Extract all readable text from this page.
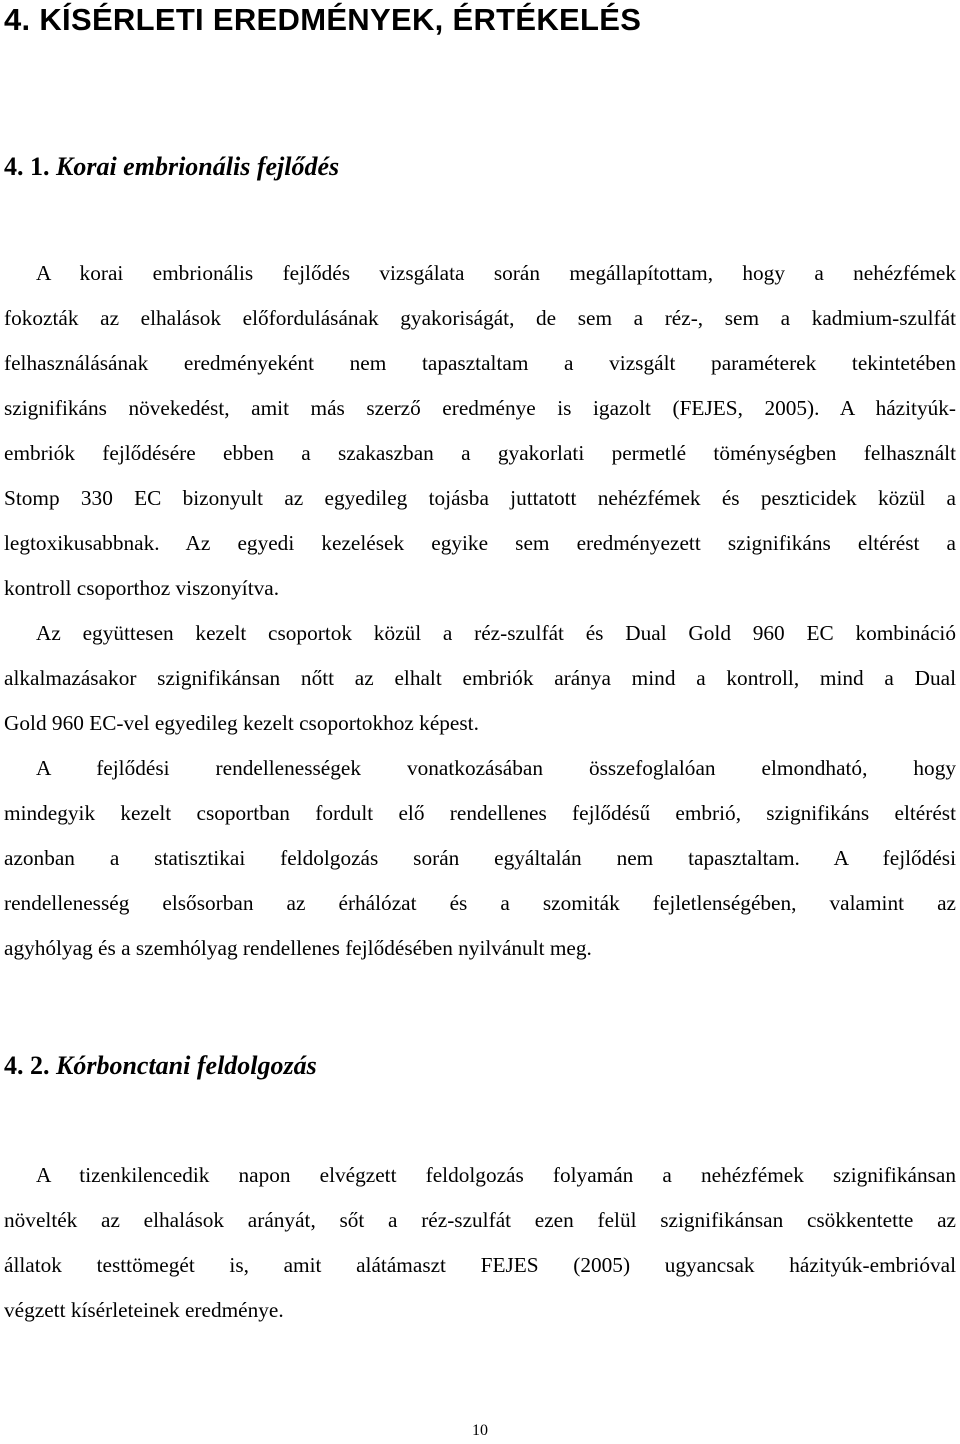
4. KÍSÉRLETI EREDMÉNYEK, ÉRTÉKELÉS
4. 1. Korai embrionális fejlődés

A korai embrionális fejlődés vizsgálata során megállapítottam, hogy a nehézfémek
fokozták az elhalások előfordulásának gyakoriságát, de sem a réz-, sem a kadmium-szulfát
felhasználásának eredményeként nem tapasztaltam a vizsgált paraméterek tekintetében
szignifikáns növekedést, amit más szerző eredménye is igazolt (FEJES, 2005). A házityúk-
embriók fejlődésére ebben a szakaszban a gyakorlati permetlé töménységben felhasznált
Stomp 330 EC bizonyult az egyedileg tojásba juttatott nehézfémek és peszticidek közül a
legtoxikusabbnak. Az egyedi kezelések egyike sem eredményezett szignifikáns eltérést a
kontroll csoporthoz viszonyítva.

Az együttesen kezelt csoportok közül a réz-szulfát és Dual Gold 960 EC kombináció
alkalmazásakor szignifikánsan nőtt az elhalt embriók aránya mind a kontroll, mind a Dual
Gold 960 EC-vel egyedileg kezelt csoportokhoz képest.

A fejlődési rendellenességek vonatkozásában összefoglalóan elmondható, hogy
mindegyik kezelt csoportban fordult elő rendellenes fejlődésű embrió, szignifikáns eltérést
azonban a statisztikai feldolgozás során egyáltalán nem tapasztaltam. A fejlődési
rendellenesség elsősorban az érhálózat és a szomiták fejletlenségében, valamint az
agyhólyag és a szemhólyag rendellenes fejlődésében nyilvánult meg.

4. 2. Kórbonctani feldolgozás

A tizenkilencedik napon elvégzett feldolgozás folyamán a nehézfémek szignifikánsan
növelték az elhalások arányát, sőt a réz-szulfát ezen felül szignifikánsan csökkentette az
állatok testtömegét is, amit alátámaszt FEJES (2005) ugyancsak házityúk-embrióval
végzett kísérleteinek eredménye.

10
